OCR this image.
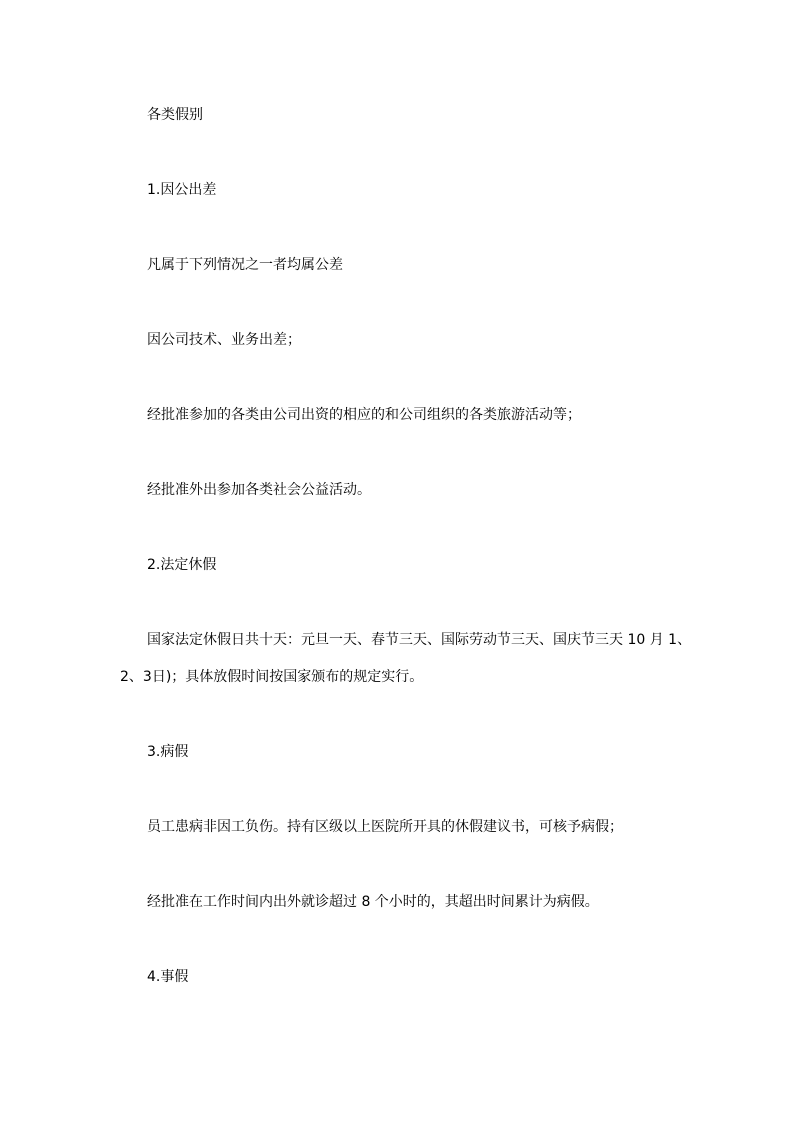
各类假别

1.因公出差

凡属于下列情况之一者均属公差

因公司技术、业务出差；

经批准参加的各类由公司出资的相应的和公司组织的各类旅游活动等；

经批准外出参加各类社会公益活动。

2.法定休假

国家法定休假日共十天：元旦一天、春节三天、国际劳动节三天、国庆节三天 10 月 1、

2、3日)；具体放假时间按国家颁布的规定实行。

3.病假

员工患病非因工负伤。持有区级以上医院所开具的休假建议书，可核予病假；

经批准在工作时间内出外就诊超过 8 个小时的，其超出时间累计为病假。

4.事假
